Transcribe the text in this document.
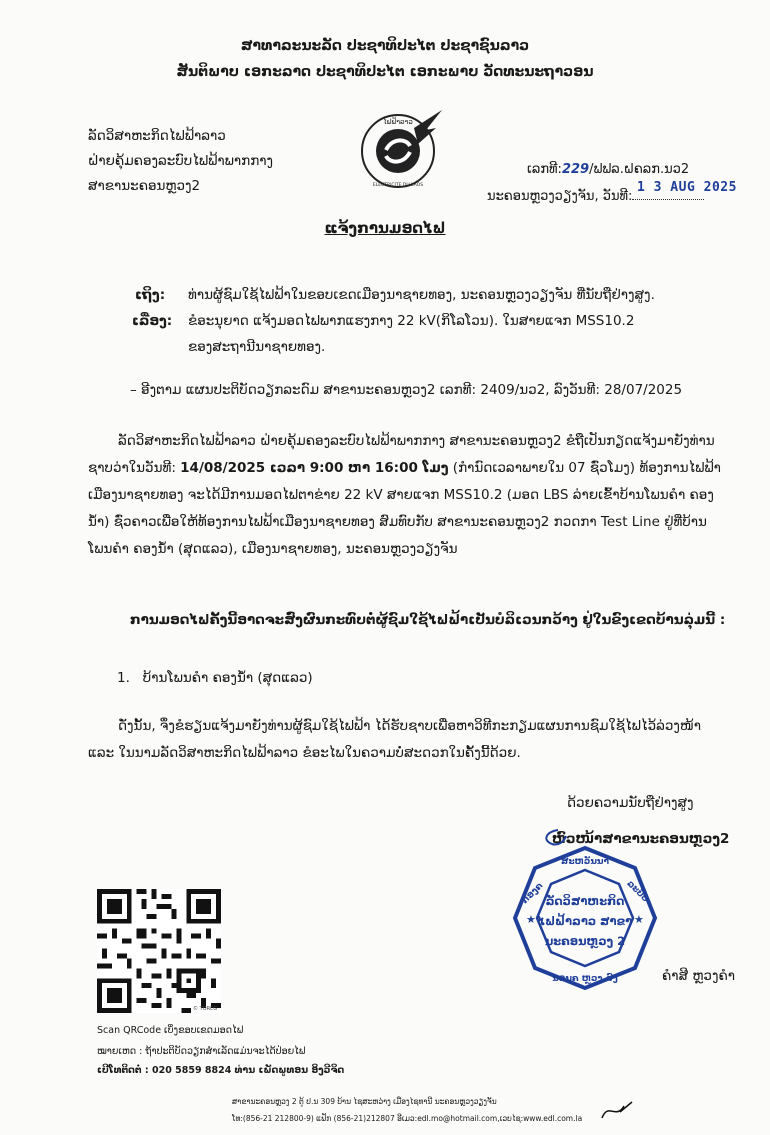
ສາທາລະນະລັດ ປະຊາທິປະໄຕ ປະຊາຊົນລາວ
ສັນຕິພາບ ເອກະລາດ ປະຊາທິປະໄຕ ເອກະພາບ ວັດທະນະຖາວອນ
ລັດວິສາຫະກິດໄຟຟ້າລາວ
ຝ່າຍຄຸ້ມຄອງລະບົບໄຟຟ້າພາກກາງ
ສາຂານະຄອນຫຼວງ2
ໄຟຟ້າລາວ
ELECTRICITE DU LAOS
ເລກທີ:229/ຟຟລ.ຝຄລກ.ນວ2
ນະຄອນຫຼວງວຽງຈັນ, ວັນທີ:
1 3 AUG 2025
ແຈ້ງການມອດໄຟ
ເຖິງ: ທ່ານຜູ້ຊົມໃຊ້ໄຟຟ້າໃນຂອບເຂດເມືອງນາຊາຍທອງ, ນະຄອນຫຼວງວຽງຈັນ ທີ່ນັບຖືຢ່າງສູງ.
ເລື່ອງ: ຂໍອະນຸຍາດ ແຈ້ງມອດໄຟພາກແຮງກາງ 22 kV(ກິໂລໂວນ). ໃນສາຍແຈກ MSS10.2
ຂອງສະຖານີນາຊາຍທອງ.
– ອີງຕາມ ແຜນປະຕິບັດວຽກລະດົມ ສາຂານະຄອນຫຼວງ2 ເລກທີ: 2409/ນວ2, ລົງວັນທີ: 28/07/2025
ລັດວິສາຫະກິດໄຟຟ້າລາວ ຝ່າຍຄຸ້ມຄອງລະບົບໄຟຟ້າພາກກາງ ສາຂານະຄອນຫຼວງ2 ຂໍຖືເປັນກຽດແຈ້ງມາຍັງທ່ານຊາບວ່າໃນວັນທີ: 14/08/2025 ເວລາ 9:00 ຫາ 16:00 ໂມງ (ກໍານົດເວລາພາຍໃນ 07 ຊົ່ວໂມງ) ທ້ອງການໄຟຟ້າເມືອງນາຊາຍທອງ ຈະໄດ້ມີການມອດໄຟຕາຂ່າຍ 22 kV ສາຍແຈກ MSS10.2 (ມອດ LBS ລ່າຍເຂົ້າບ້ານໂພນຄໍາ ຄອງນໍ້າ) ຊົ່ວຄາວເພື່ອໃຫ້ທ້ອງການໄຟຟ້າເມືອງນາຊາຍທອງ ສົມທົບກັບ ສາຂານະຄອນຫຼວງ2 ກວດກາ Test Line ຢູ່ທີ່ບ້ານໂພນຄໍາ ຄອງນໍ້າ (ສຸດແລວ), ເມືອງນາຊາຍທອງ, ນະຄອນຫຼວງວຽງຈັນ
ການມອດໄຟຄັ້ງນີ້ອາດຈະສົ່ງຜົນກະທົບຕໍ່ຜູ້ຊົມໃຊ້ໄຟຟ້າເປັນບໍລິເວນກວ້າງ ຢູ່ໃນຂົງເຂດບ້ານລຸ່ມນີ້ :
1. ບ້ານໂພນຄໍາ ຄອງນໍ້າ (ສຸດແລວ)
ດັ່ງນັ້ນ, ຈຶ່ງຂໍຮຽນແຈ້ງມາຍັງທ່ານຜູ້ຊົມໃຊ້ໄຟຟ້າ ໄດ້ຮັບຊາບເພື່ອຫາວິທີກະກຽມແຜນການຊົມໃຊ້ໄຟໄວ້ລ່ວງໜ້າ ແລະ ໃນນາມລັດວິສາຫະກິດໄຟຟ້າລາວ ຂໍອະໄພໃນຄວາມບໍ່ສະດວກໃນຄັ້ງນີ້ດ້ວຍ.
ດ້ວຍຄວາມນັບຖືຢ່າງສູງ
ຫົວໜ້າສາຂານະຄອນຫຼວງ2
ສະຫວັນນາ
ກອງຄ	ລະບົບ
ນອນຄ ຫຼວງ ລົງ
ລັດວິສາຫະກິດ
ໄຟຟ້າລາວ ສາຂາ
ນະຄອນຫຼວງ 2
★	★
ຄໍາສີ ຫຼວງຄໍາ
© TORCG
Scan QRCode ເບິ່ງຂອບເຂດມອດໄຟ
ໝາຍເຫດ : ຖ້າປະຕິບັດວຽກສຳເລັດແມ່ນຈະໄດ້ປ່ອຍໄຟ
ເບີໂທຕິດຕໍ່ : 020 5859 8824 ທ່ານ ເພັດພູທອນ ອິງວີຈິດ
ສາຂານະຄອນຫຼວງ 2 ຕູ້ ປ.ນ 309 ບ້ານ ໄຊສະຫວ່າງ ເມືອງໄຊທານີ ນະຄອນຫຼວງວຽງຈັນ
ໂທ:(856-21 212800-9) ແຟັກ (856-21)212807 ອີເມວ:edl.mo@hotmail.com,ເວບໄຊ:www.edl.com.la
